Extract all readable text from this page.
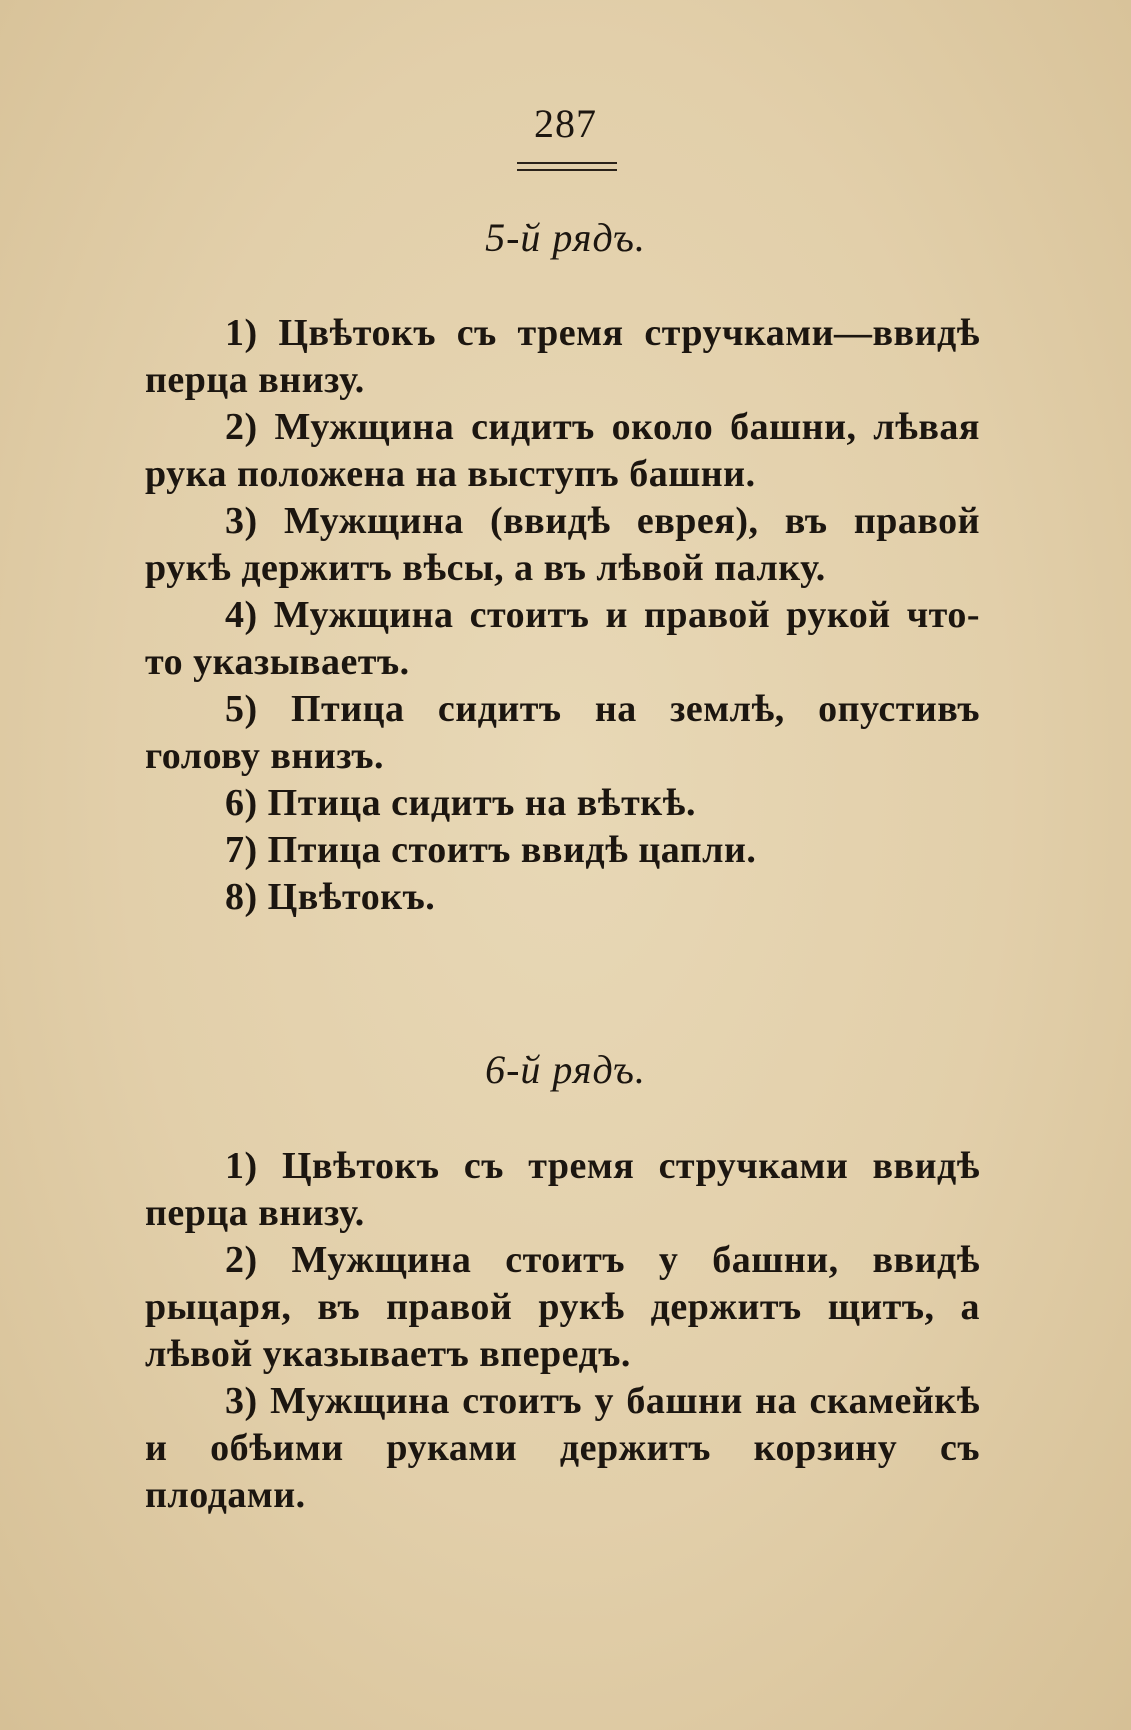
287
5-й рядъ.

1) Цвѣтокъ съ тремя стручками—ввидѣ перца внизу.

2) Мужщина сидитъ около башни, лѣвая рука положена на выступъ башни.

3) Мужщина (ввидѣ еврея), въ правой рукѣ держитъ вѣсы, а въ лѣвой палку.

4) Мужщина стоитъ и правой рукой что-то указываетъ.

5) Птица сидитъ на землѣ, опустивъ голову внизъ.

6) Птица сидитъ на вѣткѣ.

7) Птица стоитъ ввидѣ цапли.

8) Цвѣтокъ.

6-й рядъ.

1) Цвѣтокъ съ тремя стручками ввидѣ перца внизу.

2) Мужщина стоитъ у башни, ввидѣ рыцаря, въ правой рукѣ держитъ щитъ, а лѣвой указываетъ впередъ.

3) Мужщина стоитъ у башни на скамейкѣ и обѣими руками держитъ корзину съ плодами.
